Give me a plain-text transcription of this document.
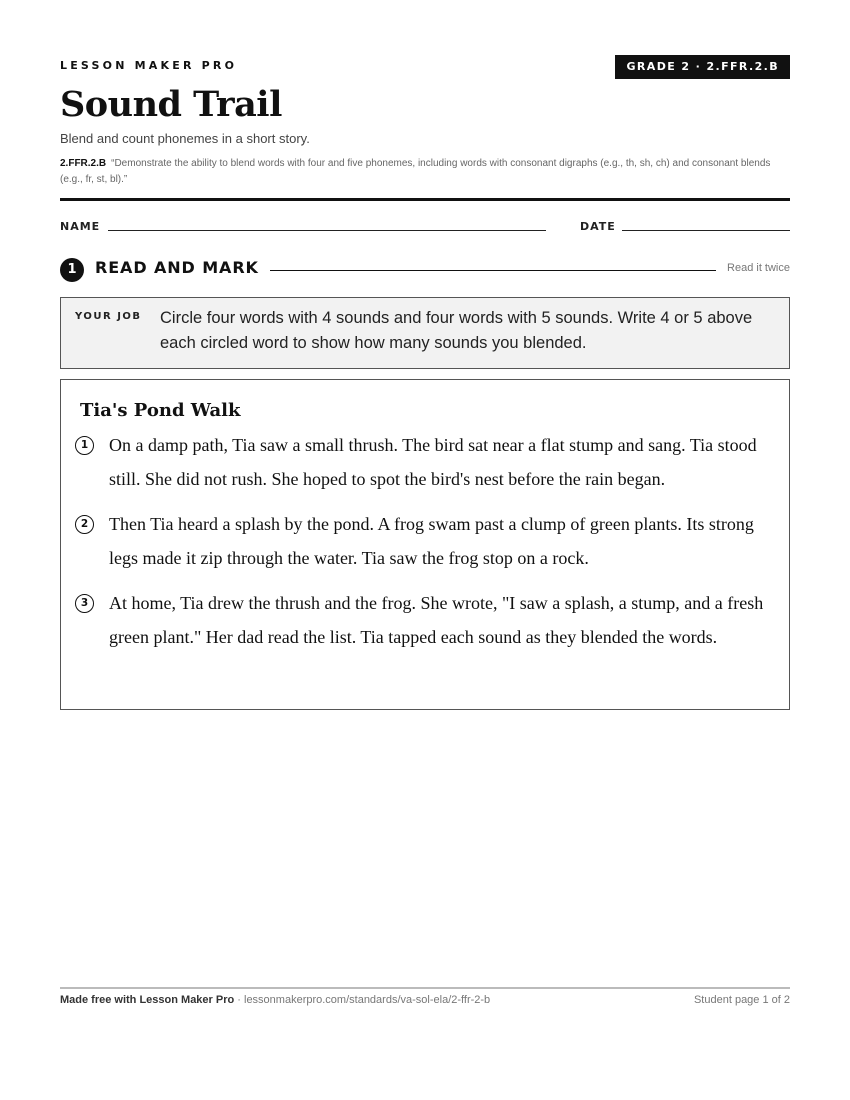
LESSON MAKER PRO	GRADE 2 · 2.FFR.2.B
Sound Trail
Blend and count phonemes in a short story.
2.FFR.2.B “Demonstrate the ability to blend words with four and five phonemes, including words with consonant digraphs (e.g., th, sh, ch) and consonant blends (e.g., fr, st, bl).”
NAME	DATE
1	READ AND MARK	Read it twice
YOUR JOB Circle four words with 4 sounds and four words with 5 sounds. Write 4 or 5 above each circled word to show how many sounds you blended.
Tia's Pond Walk
1	On a damp path, Tia saw a small thrush. The bird sat near a flat stump and sang. Tia stood still. She did not rush. She hoped to spot the bird's nest before the rain began.
2	Then Tia heard a splash by the pond. A frog swam past a clump of green plants. Its strong legs made it zip through the water. Tia saw the frog stop on a rock.
3	At home, Tia drew the thrush and the frog. She wrote, "I saw a splash, a stump, and a fresh green plant." Her dad read the list. Tia tapped each sound as they blended the words.
Made free with Lesson Maker Pro · lessonmakerpro.com/standards/va-sol-ela/2-ffr-2-b	Student page 1 of 2
